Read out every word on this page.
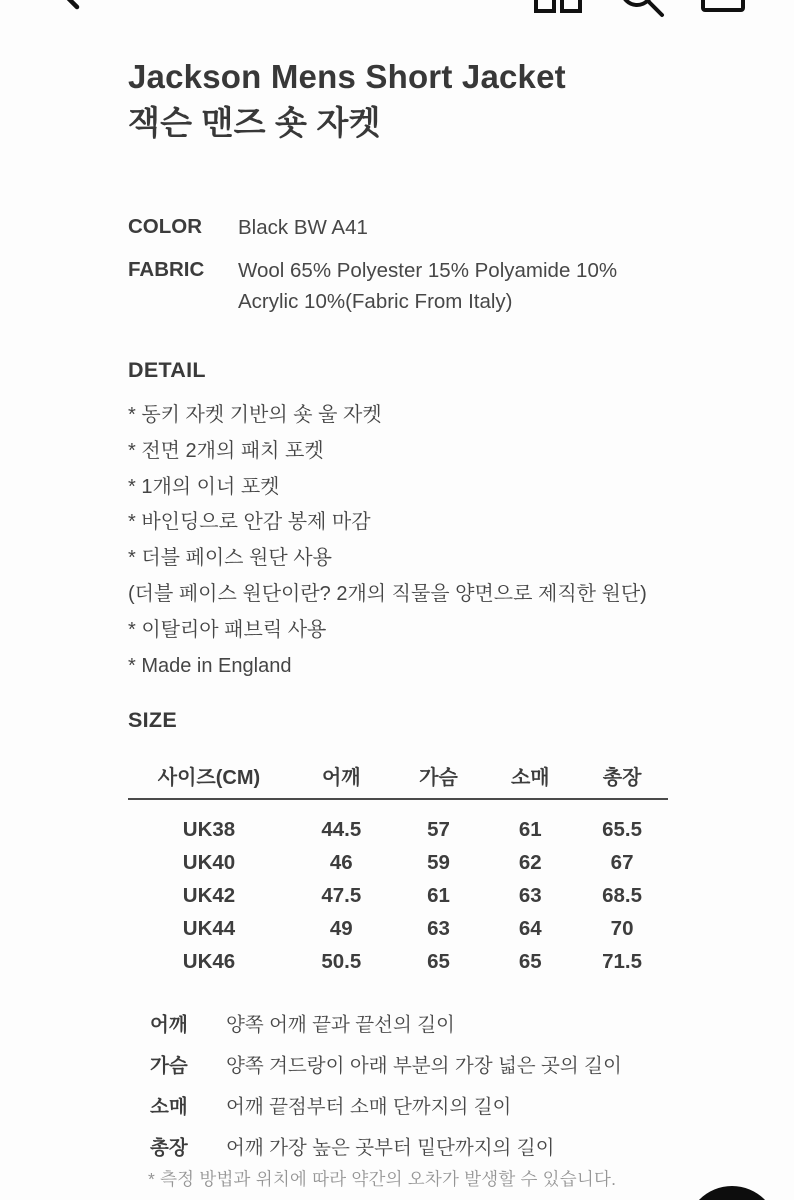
Jackson Mens Short Jacket
잭슨 맨즈 숏 자켓
COLOR	Black BW A41
FABRIC	Wool 65% Polyester 15% Polyamide 10% Acrylic 10%(Fabric From Italy)
DETAIL
* 동키 자켓 기반의 숏 울 자켓
* 전면 2개의 패치 포켓
* 1개의 이너 포켓
* 바인딩으로 안감 봉제 마감
* 더블 페이스 원단 사용
(더블 페이스 원단이란? 2개의 직물을 양면으로 제직한 원단)
* 이탈리아 패브릭 사용
* Made in England
SIZE
사이즈(CM)	어깨	가슴	소매	총장
UK38	44.5	57	61	65.5
UK40	46	59	62	67
UK42	47.5	61	63	68.5
UK44	49	63	64	70
UK46	50.5	65	65	71.5
어깨	양쪽 어깨 끝과 끝선의 길이
가슴	양쪽 겨드랑이 아래 부분의 가장 넓은 곳의 길이
소매	어깨 끝점부터 소매 단까지의 길이
총장	어깨 가장 높은 곳부터 밑단까지의 길이
* 측정 방법과 위치에 따라 약간의 오차가 발생할 수 있습니다.
